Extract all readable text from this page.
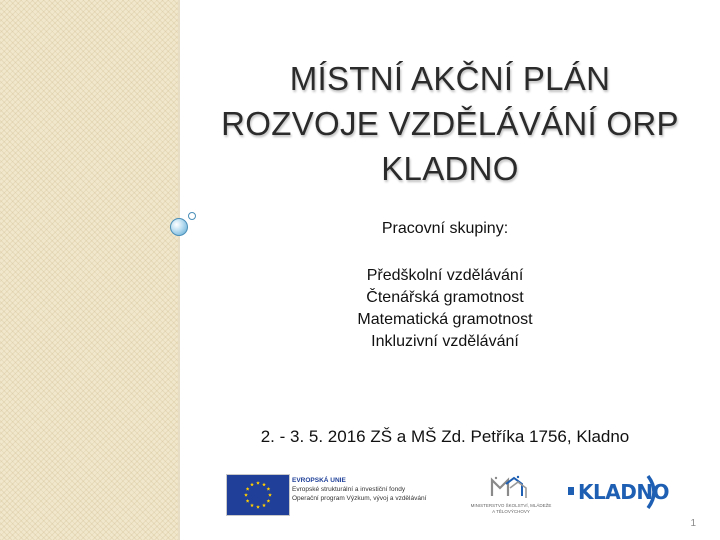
MÍSTNÍ AKČNÍ PLÁN
ROZVOJE VZDĚLÁVÁNÍ ORP
KLADNO
Pracovní skupiny:
Předškolní vzdělávání
Čtenářská gramotnost
Matematická gramotnost
Inkluzivní vzdělávání
2. - 3. 5. 2016 ZŠ a MŠ Zd. Petříka 1756, Kladno
EVROPSKÁ UNIE
Evropské strukturální a investiční fondy
Operační program Výzkum, vývoj a vzdělávání
MINISTERSTVO ŠKOLSTVÍ, MLÁDEŽE A TĚLOVÝCHOVY
KLADNO
1
